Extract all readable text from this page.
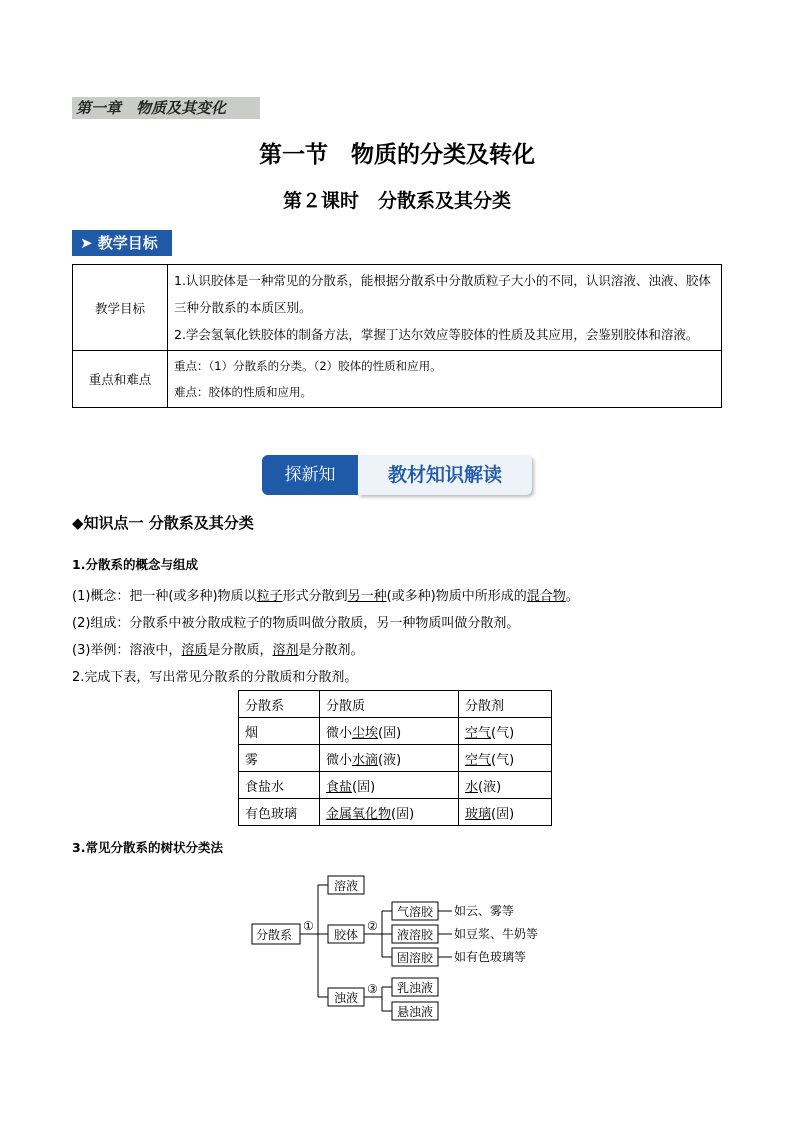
第一章　物质及其变化
第一节　物质的分类及转化
第２课时　分散系及其分类
➤ 教学目标
教学目标	1.认识胶体是一种常见的分散系，能根据分散系中分散质粒子大小的不同，认识溶液、浊液、胶体三种分散系的本质区别。
2.学会氢氧化铁胶体的制备方法，掌握丁达尔效应等胶体的性质及其应用，会鉴别胶体和溶液。

重点和难点	重点：（1）分散系的分类。（2）胶体的性质和应用。
难点：胶体的性质和应用。
探新知	教材知识解读
◆知识点一 分散系及其分类
1.分散系的概念与组成
(1)概念：把一种(或多种)物质以粒子形式分散到另一种(或多种)物质中所形成的混合物。
(2)组成：分散系中被分散成粒子的物质叫做分散质，另一种物质叫做分散剂。
(3)举例：溶液中，溶质是分散质，溶剂是分散剂。
2.完成下表，写出常见分散系的分散质和分散剂。
分散系	分散质	分散剂
烟	微小尘埃(固)	空气(气)
雾	微小水滴(液)	空气(气)
食盐水	食盐(固)	水(液)
有色玻璃	金属氧化物(固)	玻璃(固)
3.常见分散系的树状分类法
分散系
①	②
③
溶液
胶体
浊液
气溶胶
液溶胶
固溶胶
乳浊液
悬浊液
如云、雾等
如豆浆、牛奶等
如有色玻璃等
